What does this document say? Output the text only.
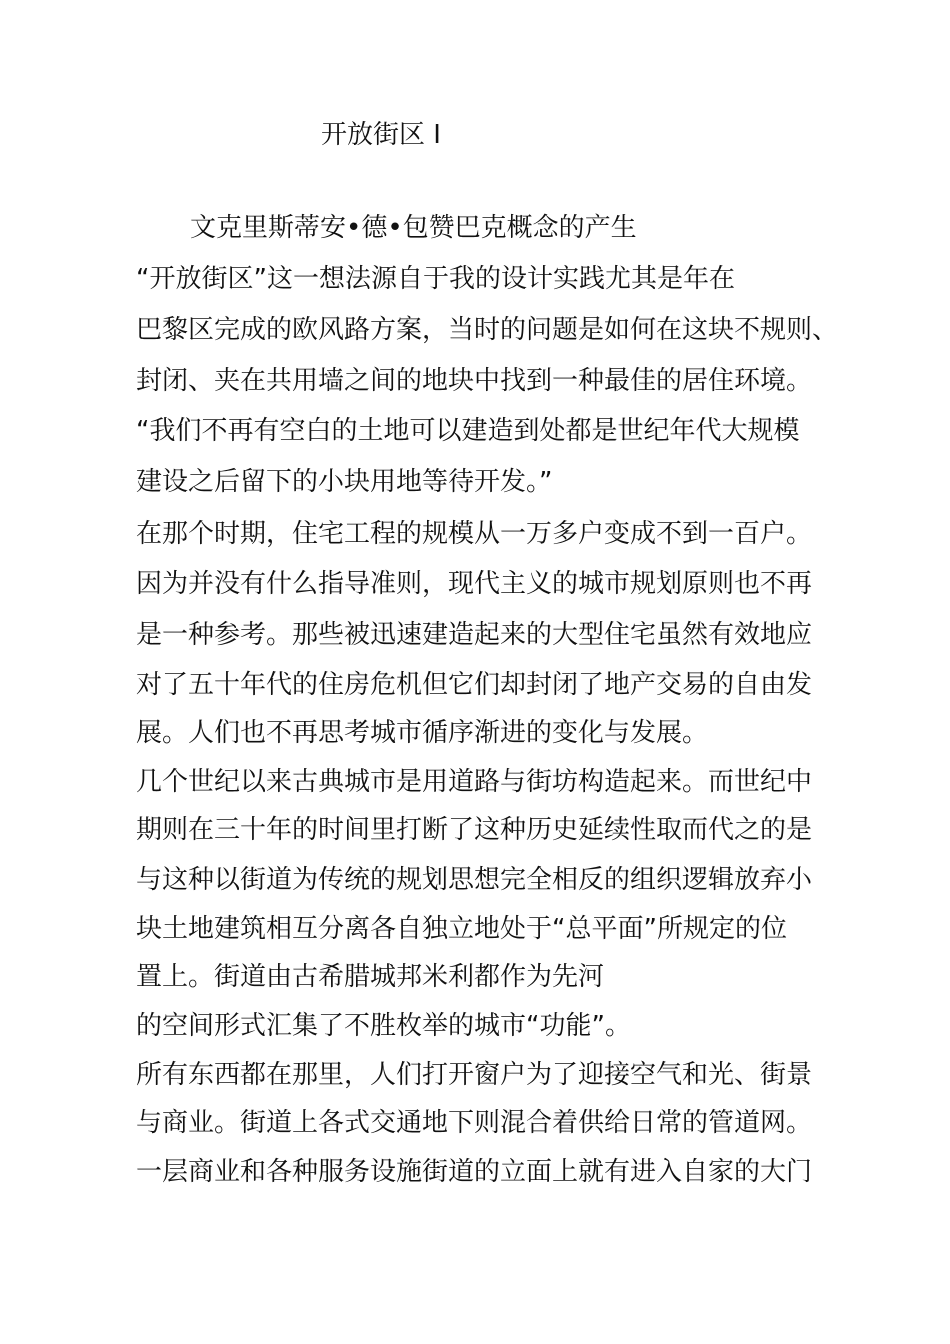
开放街区 I
文克里斯蒂安•德•包赞巴克概念的产生
“开放街区”这一想法源自于我的设计实践尤其是年在
巴黎区完成的欧风路方案，当时的问题是如何在这块不规则、
封闭、夹在共用墙之间的地块中找到一种最佳的居住环境。
“我们不再有空白的土地可以建造到处都是世纪年代大规模
建设之后留下的小块用地等待开发。”
在那个时期，住宅工程的规模从一万多户变成不到一百户。
因为并没有什么指导准则，现代主义的城市规划原则也不再
是一种参考。那些被迅速建造起来的大型住宅虽然有效地应
对了五十年代的住房危机但它们却封闭了地产交易的自由发
展。人们也不再思考城市循序渐进的变化与发展。
几个世纪以来古典城市是用道路与街坊构造起来。而世纪中
期则在三十年的时间里打断了这种历史延续性取而代之的是
与这种以街道为传统的规划思想完全相反的组织逻辑放弃小
块土地建筑相互分离各自独立地处于“总平面”所规定的位
置上。街道由古希腊城邦米利都作为先河
的空间形式汇集了不胜枚举的城市“功能”。
所有东西都在那里，人们打开窗户为了迎接空气和光、街景
与商业。街道上各式交通地下则混合着供给日常的管道网。
一层商业和各种服务设施街道的立面上就有进入自家的大门
